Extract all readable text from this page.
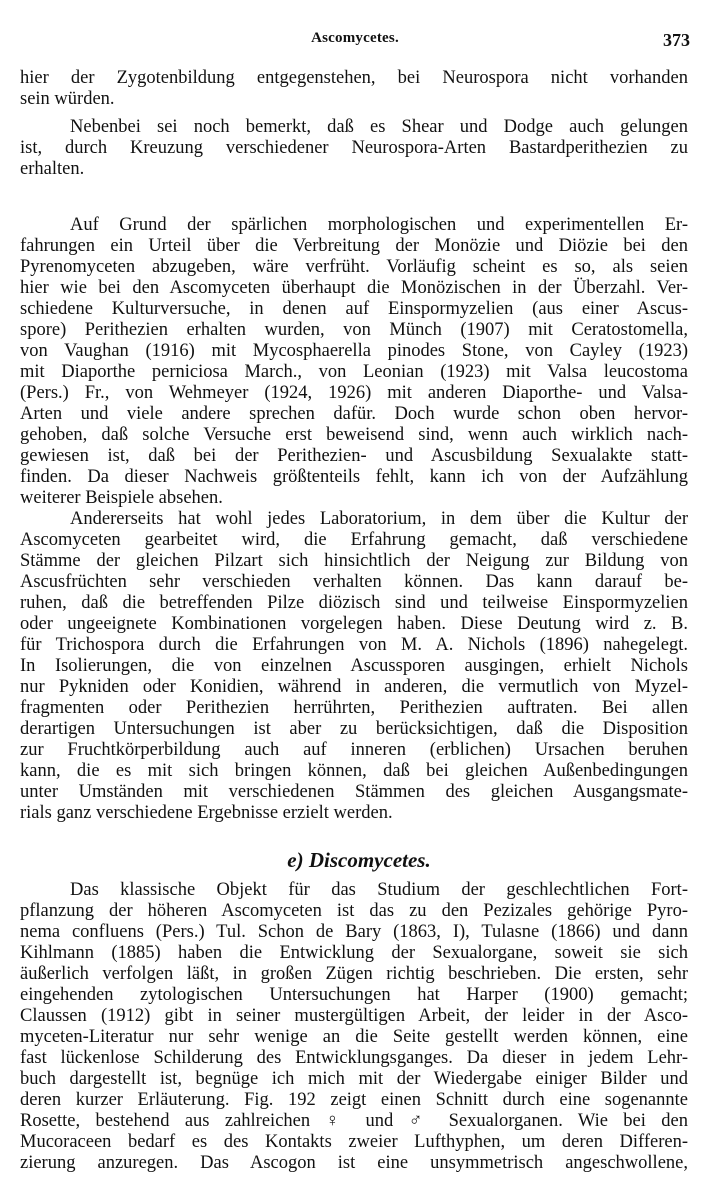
Ascomycetes.	373

hier der Zygotenbildung entgegenstehen, bei Neurospora nicht vorhanden
sein würden.

Nebenbei sei noch bemerkt, daß es Shear und Dodge auch gelungen
ist, durch Kreuzung verschiedener Neurospora-Arten Bastardperithezien zu
erhalten.

Auf Grund der spärlichen morphologischen und experimentellen Er-
fahrungen ein Urteil über die Verbreitung der Monözie und Diözie bei den
Pyrenomyceten abzugeben, wäre verfrüht. Vorläufig scheint es so, als seien
hier wie bei den Ascomyceten überhaupt die Monözischen in der Überzahl. Ver-
schiedene Kulturversuche, in denen auf Einspormyzelien (aus einer Ascus-
spore) Perithezien erhalten wurden, von Münch (1907) mit Ceratostomella,
von Vaughan (1916) mit Mycosphaerella pinodes Stone, von Cayley (1923)
mit Diaporthe perniciosa March., von Leonian (1923) mit Valsa leucostoma
(Pers.) Fr., von Wehmeyer (1924, 1926) mit anderen Diaporthe- und Valsa-
Arten und viele andere sprechen dafür. Doch wurde schon oben hervor-
gehoben, daß solche Versuche erst beweisend sind, wenn auch wirklich nach-
gewiesen ist, daß bei der Perithezien- und Ascusbildung Sexualakte statt-
finden. Da dieser Nachweis größtenteils fehlt, kann ich von der Aufzählung
weiterer Beispiele absehen.

Andererseits hat wohl jedes Laboratorium, in dem über die Kultur der
Ascomyceten gearbeitet wird, die Erfahrung gemacht, daß verschiedene
Stämme der gleichen Pilzart sich hinsichtlich der Neigung zur Bildung von
Ascusfrüchten sehr verschieden verhalten können. Das kann darauf be-
ruhen, daß die betreffenden Pilze diözisch sind und teilweise Einspormyzelien
oder ungeeignete Kombinationen vorgelegen haben. Diese Deutung wird z. B.
für Trichospora durch die Erfahrungen von M. A. Nichols (1896) nahegelegt.
In Isolierungen, die von einzelnen Ascussporen ausgingen, erhielt Nichols
nur Pykniden oder Konidien, während in anderen, die vermutlich von Myzel-
fragmenten oder Perithezien herrührten, Perithezien auftraten. Bei allen
derartigen Untersuchungen ist aber zu berücksichtigen, daß die Disposition
zur Fruchtkörperbildung auch auf inneren (erblichen) Ursachen beruhen
kann, die es mit sich bringen können, daß bei gleichen Außenbedingungen
unter Umständen mit verschiedenen Stämmen des gleichen Ausgangsmate-
rials ganz verschiedene Ergebnisse erzielt werden.

e) Discomycetes.

Das klassische Objekt für das Studium der geschlechtlichen Fort-
pflanzung der höheren Ascomyceten ist das zu den Pezizales gehörige Pyro-
nema confluens (Pers.) Tul. Schon de Bary (1863, I), Tulasne (1866) und dann
Kihlmann (1885) haben die Entwicklung der Sexualorgane, soweit sie sich
äußerlich verfolgen läßt, in großen Zügen richtig beschrieben. Die ersten, sehr
eingehenden zytologischen Untersuchungen hat Harper (1900) gemacht;
Claussen (1912) gibt in seiner mustergültigen Arbeit, der leider in der Asco-
myceten-Literatur nur sehr wenige an die Seite gestellt werden können, eine
fast lückenlose Schilderung des Entwicklungsganges. Da dieser in jedem Lehr-
buch dargestellt ist, begnüge ich mich mit der Wiedergabe einiger Bilder und
deren kurzer Erläuterung. Fig. 192 zeigt einen Schnitt durch eine sogenannte
Rosette, bestehend aus zahlreichen ♀ und ♂ Sexualorganen. Wie bei den
Mucoraceen bedarf es des Kontakts zweier Lufthyphen, um deren Differen-
zierung anzuregen. Das Ascogon ist eine unsymmetrisch angeschwollene,
